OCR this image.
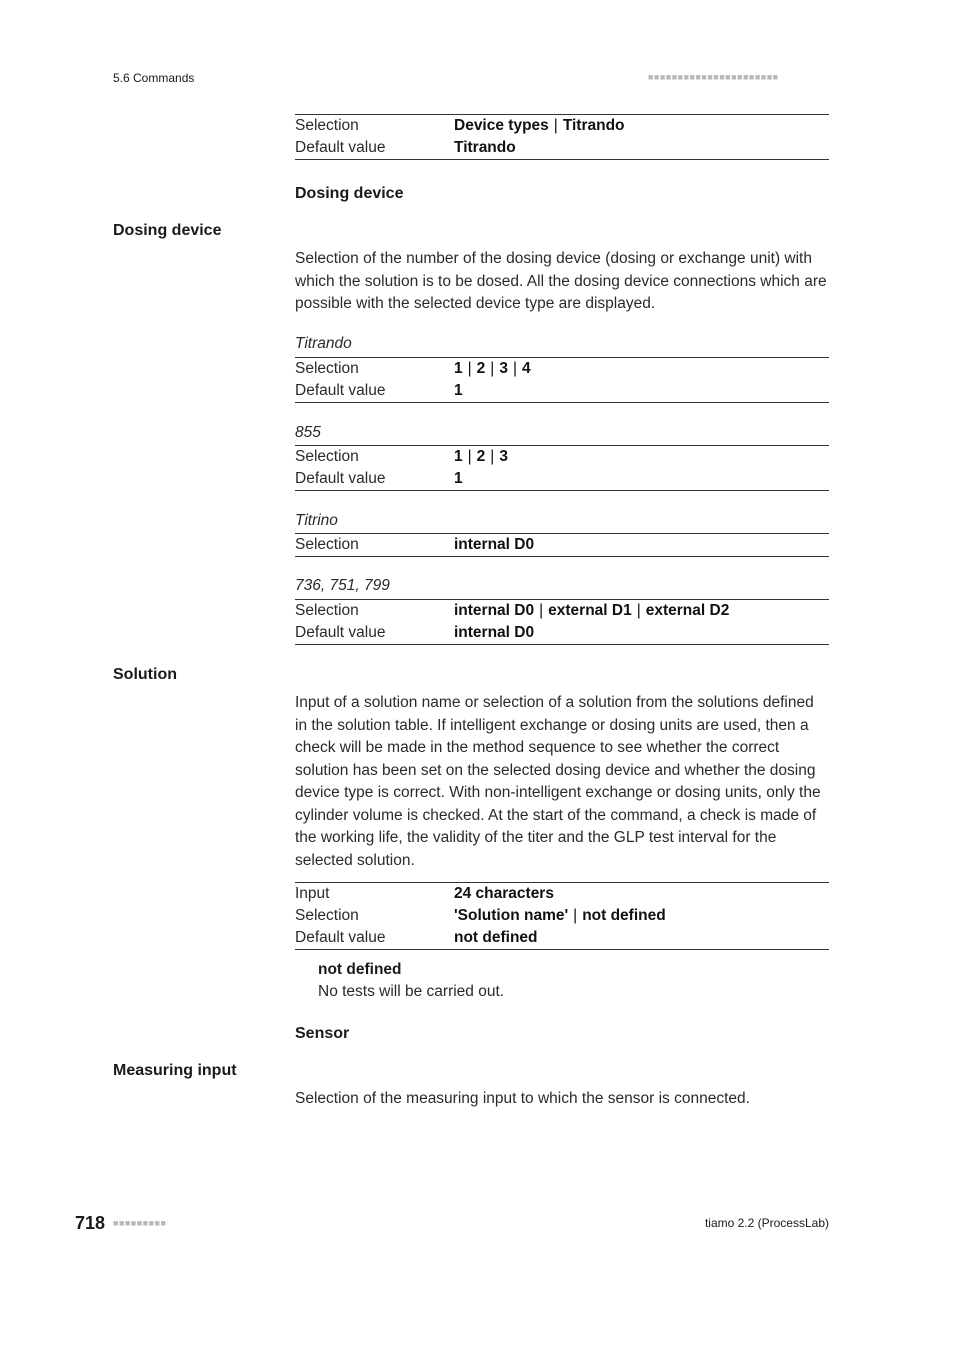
5.6 Commands	■■■■■■■■■■■■■■■■■■■■■■
Selection	Device types | Titrando
Default value	Titrando
Dosing device
Dosing device
Selection of the number of the dosing device (dosing or exchange unit) with which the solution is to be dosed. All the dosing device connections which are possible with the selected device type are displayed.
Titrando
Selection	1 | 2 | 3 | 4
Default value	1
855
Selection	1 | 2 | 3
Default value	1
Titrino
Selection	internal D0
736, 751, 799
Selection	internal D0 | external D1 | external D2
Default value	internal D0
Solution
Input of a solution name or selection of a solution from the solutions defined in the solution table. If intelligent exchange or dosing units are used, then a check will be made in the method sequence to see whether the correct solution has been set on the selected dosing device and whether the dosing device type is correct. With non-intelligent exchange or dosing units, only the cylinder volume is checked. At the start of the command, a check is made of the working life, the validity of the titer and the GLP test interval for the selected solution.
Input	24 characters
Selection	'Solution name' | not defined
Default value	not defined
not defined
No tests will be carried out.
Sensor
Measuring input
Selection of the measuring input to which the sensor is connected.
718 ■■■■■■■■■	tiamo 2.2 (ProcessLab)
